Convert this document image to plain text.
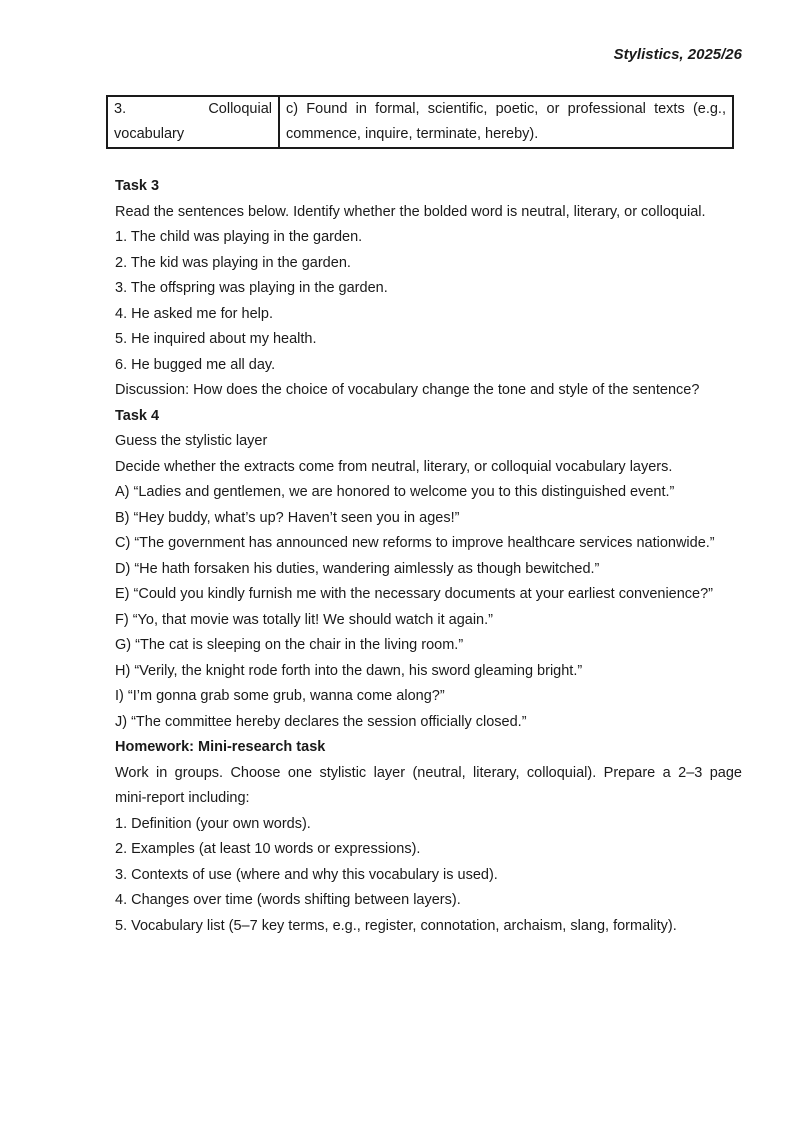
Stylistics, 2025/26
3.	Colloquial
vocabulary

c) Found in formal, scientific, poetic, or professional texts (e.g.,
commence, inquire, terminate, hereby).
Task 3
Read the sentences below. Identify whether the bolded word is neutral, literary, or colloquial.
1. The child was playing in the garden.
2. The kid was playing in the garden.
3. The offspring was playing in the garden.
4. He asked me for help.
5. He inquired about my health.
6. He bugged me all day.
Discussion: How does the choice of vocabulary change the tone and style of the sentence?
Task 4
Guess the stylistic layer
Decide whether the extracts come from neutral, literary, or colloquial vocabulary layers.
A) “Ladies and gentlemen, we are honored to welcome you to this distinguished event.”
B) “Hey buddy, what’s up? Haven’t seen you in ages!”
C) “The government has announced new reforms to improve healthcare services nationwide.”
D) “He hath forsaken his duties, wandering aimlessly as though bewitched.”
E) “Could you kindly furnish me with the necessary documents at your earliest convenience?”
F) “Yo, that movie was totally lit! We should watch it again.”
G) “The cat is sleeping on the chair in the living room.”
H) “Verily, the knight rode forth into the dawn, his sword gleaming bright.”
I) “I’m gonna grab some grub, wanna come along?”
J) “The committee hereby declares the session officially closed.”
Homework: Mini-research task
Work in groups. Choose one stylistic layer (neutral, literary, colloquial). Prepare a 2–3 page
mini-report including:
1. Definition (your own words).
2. Examples (at least 10 words or expressions).
3. Contexts of use (where and why this vocabulary is used).
4. Changes over time (words shifting between layers).
5. Vocabulary list (5–7 key terms, e.g., register, connotation, archaism, slang, formality).
